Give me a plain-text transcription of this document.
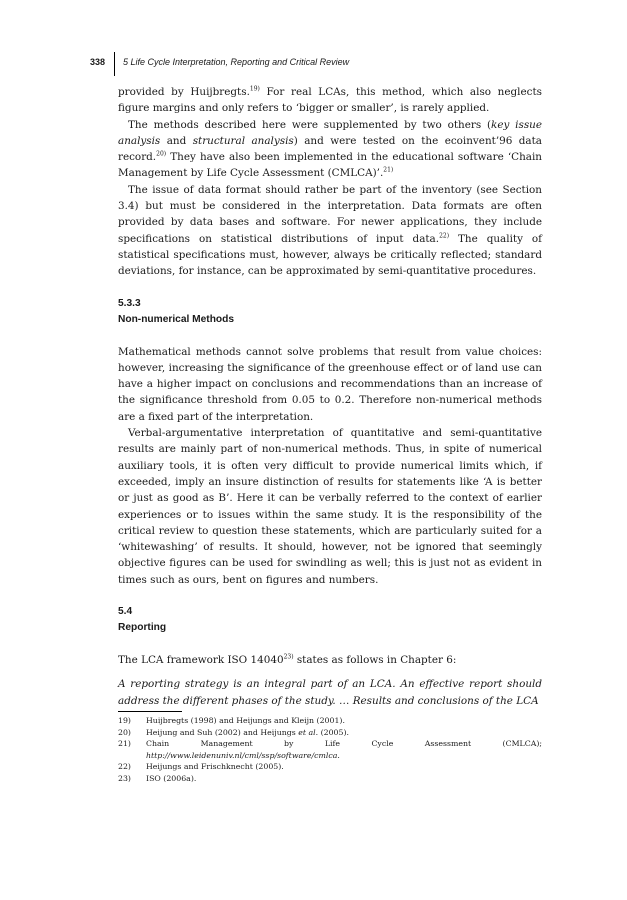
338 5 Life Cycle Interpretation, Reporting and Critical Review

provided by Huijbregts.$^{19)}$ For real LCAs, this method, which also neglects figure margins and only refers to ‘bigger or smaller’, is rarely applied.

The methods described here were supplemented by two others (key issue analysis and structural analysis) and were tested on the ecoinvent’96 data record.$^{20)}$ They have also been implemented in the educational software ‘Chain Management by Life Cycle Assessment (CMLCA)’.$^{21)}$

The issue of data format should rather be part of the inventory (see Section 3.4) but must be considered in the interpretation. Data formats are often provided by data bases and software. For newer applications, they include specifications on statistical distributions of input data.$^{22)}$ The quality of statistical specifications must, however, always be critically reflected; standard deviations, for instance, can be approximated by semi-quantitative procedures.

5.3.3
Non-numerical Methods

Mathematical methods cannot solve problems that result from value choices: however, increasing the significance of the greenhouse effect or of land use can have a higher impact on conclusions and recommendations than an increase of the significance threshold from 0.05 to 0.2. Therefore non-numerical methods are a fixed part of the interpretation.

Verbal-argumentative interpretation of quantitative and semi-quantitative results are mainly part of non-numerical methods. Thus, in spite of numerical auxiliary tools, it is often very difficult to provide numerical limits which, if exceeded, imply an insure distinction of results for statements like ‘A is better or just as good as B’. Here it can be verbally referred to the context of earlier experiences or to issues within the same study. It is the responsibility of the critical review to question these statements, which are particularly suited for a ‘whitewashing’ of results. It should, however, not be ignored that seemingly objective figures can be used for swindling as well; this is just not as evident in times such as ours, bent on figures and numbers.

5.4
Reporting

The LCA framework ISO 14040$^{23)}$ states as follows in Chapter 6:

A reporting strategy is an integral part of an LCA. An effective report should address the different phases of the study. … Results and conclusions of the LCA

19)	Huijbregts (1998) and Heijungs and Kleijn (2001).
20)	Heijung and Suh (2002) and Heijungs et al. (2005).
21)	Chain Management by Life Cycle Assessment (CMLCA); http://www.leidenuniv.nl/cml/ssp/software/cmlca.
22)	Heijungs and Frischknecht (2005).
23)	ISO (2006a).
